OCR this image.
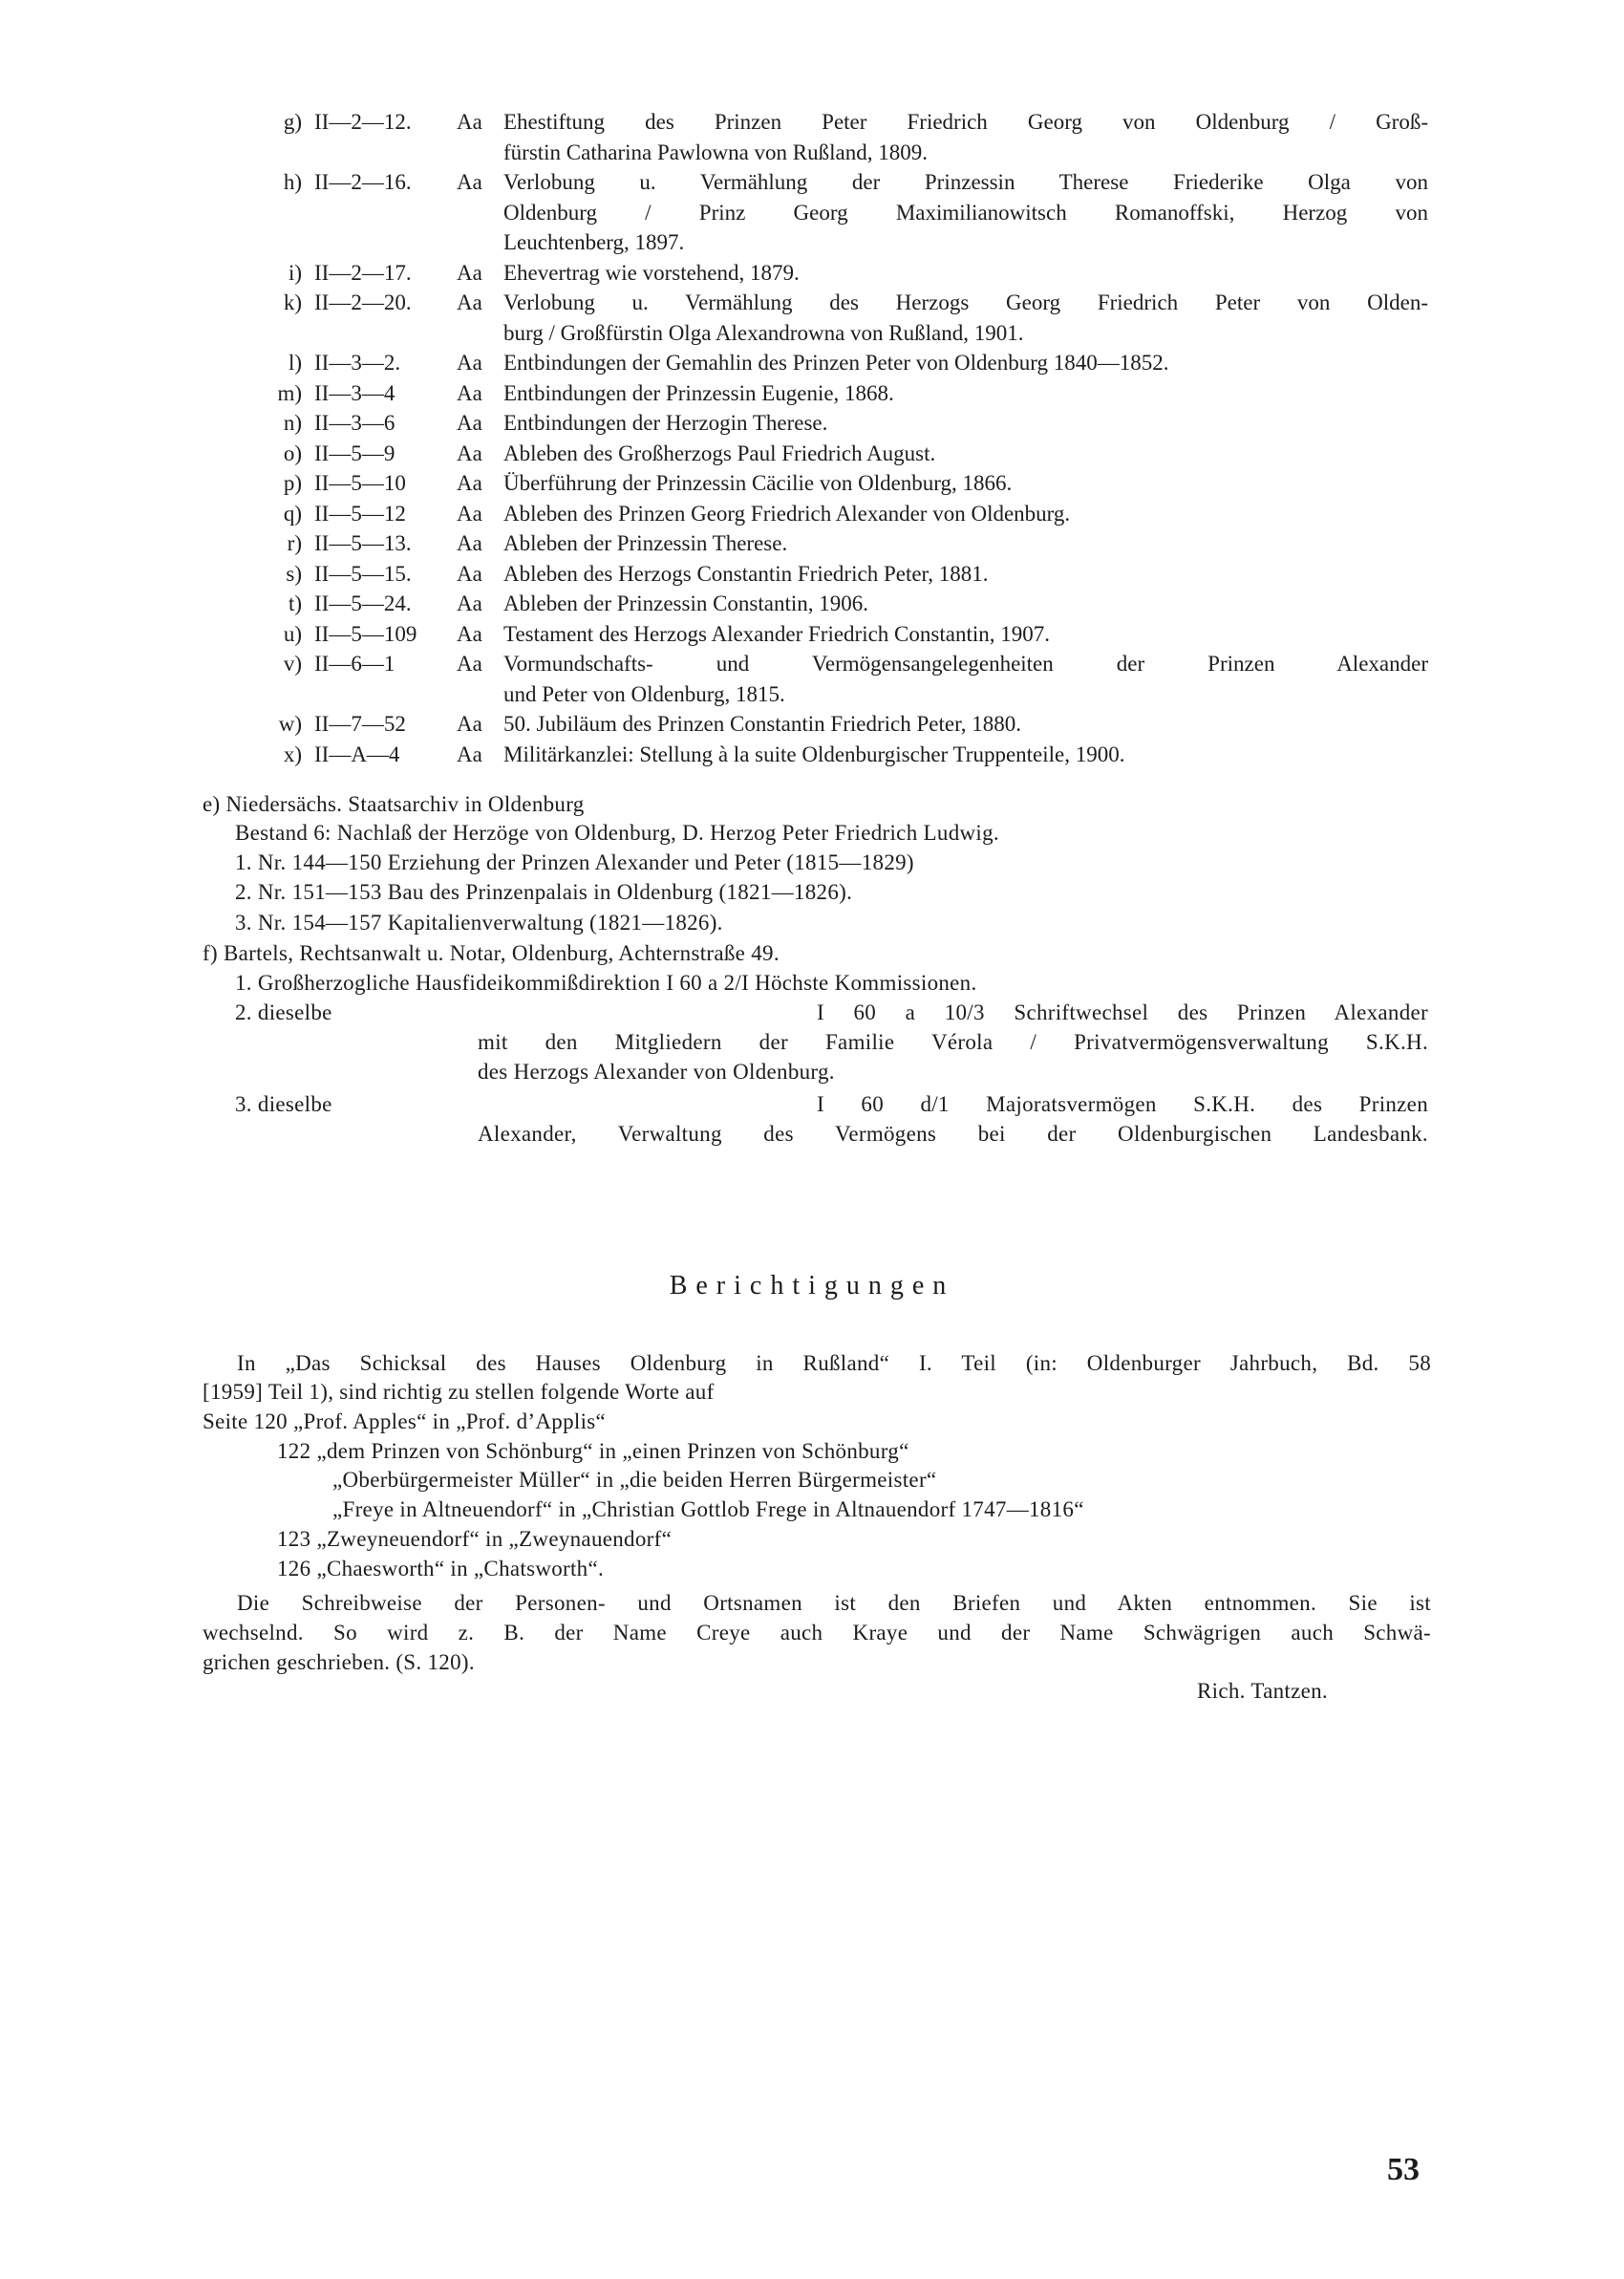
g) II—2—12. Aa Ehestiftung des Prinzen Peter Friedrich Georg von Oldenburg / Groß-
fürstin Catharina Pawlowna von Rußland, 1809.
h) II—2—16. Aa Verlobung u. Vermählung der Prinzessin Therese Friederike Olga von
Oldenburg / Prinz Georg Maximilianowitsch Romanoffski, Herzog von
Leuchtenberg, 1897.
i) II—2—17. Aa Ehevertrag wie vorstehend, 1879.
k) II—2—20. Aa Verlobung u. Vermählung des Herzogs Georg Friedrich Peter von Olden-
burg / Großfürstin Olga Alexandrowna von Rußland, 1901.
l) II—3—2.	Aa Entbindungen der Gemahlin des Prinzen Peter von Oldenburg 1840—1852.
m) II—3—4	Aa Entbindungen der Prinzessin Eugenie, 1868.
n) II—3—6	Aa Entbindungen der Herzogin Therese.
o) II—5—9	Aa Ableben des Großherzogs Paul Friedrich August.
p) II—5—10 Aa Überführung der Prinzessin Cäcilie von Oldenburg, 1866.
q) II—5—12 Aa Ableben des Prinzen Georg Friedrich Alexander von Oldenburg.
r) II—5—13. Aa Ableben der Prinzessin Therese.
s) II—5—15. Aa Ableben des Herzogs Constantin Friedrich Peter, 1881.
t) II—5—24. Aa Ableben der Prinzessin Constantin, 1906.
u) II—5—109 Aa Testament des Herzogs Alexander Friedrich Constantin, 1907.
v) II—6—1	Aa Vormundschafts- und Vermögensangelegenheiten der Prinzen Alexander
und Peter von Oldenburg, 1815.
w) II—7—52 Aa 50. Jubiläum des Prinzen Constantin Friedrich Peter, 1880.
x) II—A—4	Aa Militärkanzlei: Stellung à la suite Oldenburgischer Truppenteile, 1900.
e) Niedersächs. Staatsarchiv in Oldenburg
Bestand 6: Nachlaß der Herzöge von Oldenburg, D. Herzog Peter Friedrich Ludwig.
1. Nr. 144—150 Erziehung der Prinzen Alexander und Peter (1815—1829)
2. Nr. 151—153 Bau des Prinzenpalais in Oldenburg (1821—1826).
3. Nr. 154—157 Kapitalienverwaltung (1821—1826).
f) Bartels, Rechtsanwalt u. Notar, Oldenburg, Achternstraße 49.
1. Großherzogliche Hausfideikommißdirektion I 60 a 2/I Höchste Kommissionen.
2. dieselbe	I 60 a 10/3 Schriftwechsel des Prinzen Alexander
mit den Mitgliedern der Familie Vérola / Privatvermögensverwaltung S.K.H.
des Herzogs Alexander von Oldenburg.
3. dieselbe	I 60 d/1 Majoratsvermögen S.K.H. des Prinzen
Alexander, Verwaltung des Vermögens bei der Oldenburgischen Landesbank.
Berichtigungen
In „Das Schicksal des Hauses Oldenburg in Rußland“ I. Teil (in: Oldenburger Jahrbuch, Bd. 58
[1959] Teil 1), sind richtig zu stellen folgende Worte auf
Seite 120 „Prof. Apples“ in „Prof. d’Applis“
122 „dem Prinzen von Schönburg“ in „einen Prinzen von Schönburg“
„Oberbürgermeister Müller“ in „die beiden Herren Bürgermeister“
„Freye in Altneuendorf“ in „Christian Gottlob Frege in Altnauendorf 1747—1816“
123 „Zweyneuendorf“ in „Zweynauendorf“
126 „Chaesworth“ in „Chatsworth“.
Die Schreibweise der Personen- und Ortsnamen ist den Briefen und Akten entnommen. Sie ist
wechselnd. So wird z. B. der Name Creye auch Kraye und der Name Schwägrigen auch Schwä-
grichen geschrieben. (S. 120).
Rich. Tantzen.
53
